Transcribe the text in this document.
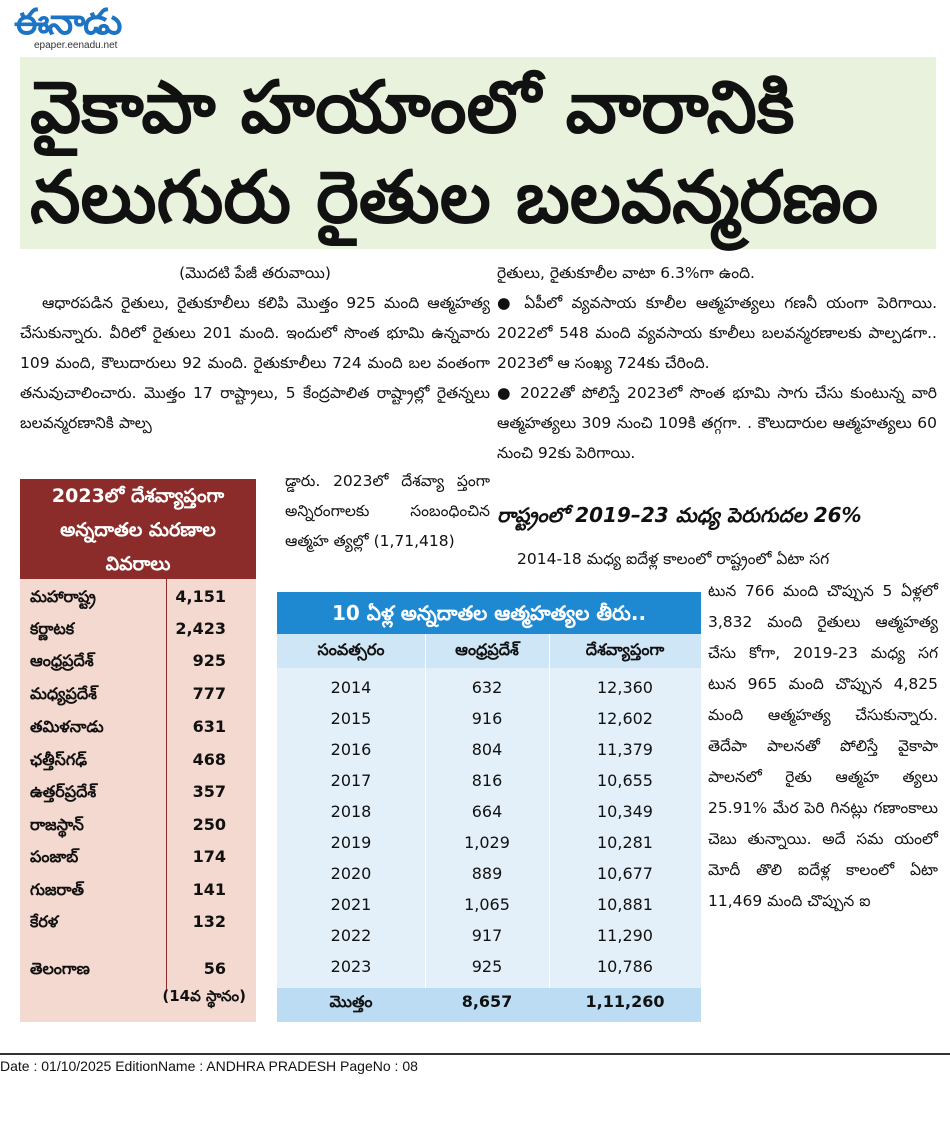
ఈనాడు
epaper.eenadu.net
వైకాపా హయాంలో వారానికి
నలుగురు రైతుల బలవన్మరణం

(మొదటి పేజీ తరువాయి)

ఆధారపడిన రైతులు, రైతుకూలీలు కలిపి మొత్తం 925 మంది ఆత్మహత్య చేసుకున్నారు. వీరిలో రైతులు 201 మంది. ఇందులో సొంత భూమి ఉన్నవారు 109 మంది, కౌలుదారులు 92 మంది. రైతుకూలీలు 724 మంది బల వంతంగా తనువుచాలించారు. మొత్తం 17 రాష్ట్రాలు, 5 కేంద్రపాలిత రాష్ట్రాల్లో రైతన్నలు బలవన్మరణానికి పాల్ప

డ్డారు. 2023లో దేశవ్యా ప్తంగా అన్నిరంగాలకు సంబంధించిన ఆత్మహ త్యల్లో (1,71,418)

రైతులు, రైతుకూలీల వాటా 6.3%గా ఉంది.

● ఏపీలో వ్యవసాయ కూలీల ఆత్మహత్యలు గణనీ యంగా పెరిగాయి. 2022లో 548 మంది వ్యవసాయ కూలీలు బలవన్మరణాలకు పాల్పడగా.. 2023లో ఆ సంఖ్య 724కు చేరింది.

● 2022తో పోలిస్తే 2023లో సొంత భూమి సాగు చేసు కుంటున్న వారి ఆత్మహత్యలు 309 నుంచి 109కి తగ్గగా. . కౌలుదారుల ఆత్మహత్యలు 60 నుంచి 92కు పెరిగాయి.

రాష్ట్రంలో 2019–23 మధ్య పెరుగుదల 26%
2014-18 మధ్య ఐదేళ్ల కాలంలో రాష్ట్రంలో ఏటా సగ
టున 766 మంది చొప్పున 5 ఏళ్లలో 3,832 మంది రైతులు ఆత్మహత్య చేసు కోగా, 2019-23 మధ్య సగ టున 965 మంది చొప్పున 4,825 మంది ఆత్మహత్య చేసుకున్నారు. తెదేపా పాలనతో పోలిస్తే వైకాపా పాలనలో రైతు ఆత్మహ త్యలు 25.91% మేర పెరి గినట్లు గణాంకాలు చెబు తున్నాయి. అదే సమ యంలో మోదీ తొలి ఐదేళ్ల కాలంలో ఏటా 11,469 మంది చొప్పున ఐ
2023లో దేశవ్యాప్తంగా
అన్నదాతల మరణాల
వివరాలు
మహారాష్ట్ర	4,151
కర్ణాటక	2,423
ఆంధ్రప్రదేశ్	925
మధ్యప్రదేశ్	777
తమిళనాడు	631
ఛత్తీస్‌గఢ్	468
ఉత్తర్‌ప్రదేశ్	357
రాజస్థాన్	250
పంజాబ్	174
గుజరాత్	141
కేరళ	132
తెలంగాణ	56
(14వ స్థానం)
10 ఏళ్ల అన్నదాతల ఆత్మహత్యల తీరు..
సంవత్సరం	ఆంధ్రప్రదేశ్	దేశవ్యాప్తంగా
2014	632	12,360
2015	916	12,602
2016	804	11,379
2017	816	10,655
2018	664	10,349
2019	1,029	10,281
2020	889	10,677
2021	1,065	10,881
2022	917	11,290
2023	925	10,786
మొత్తం	8,657	1,11,260
Date : 01/10/2025 EditionName : ANDHRA PRADESH PageNo : 08
